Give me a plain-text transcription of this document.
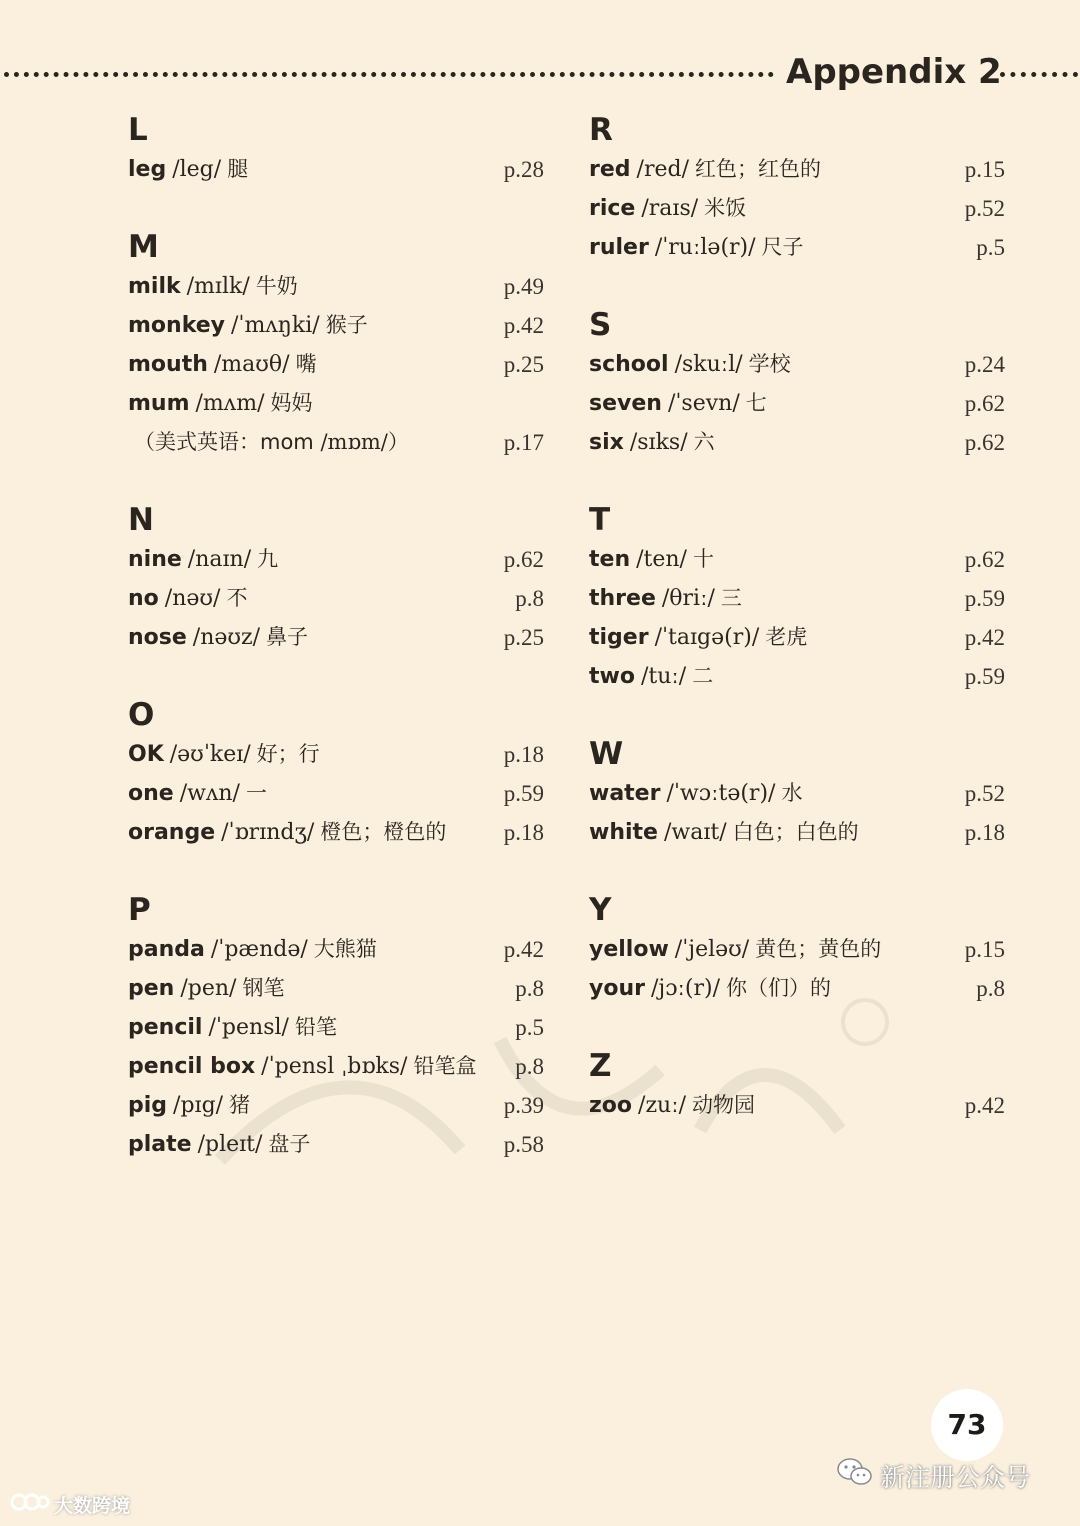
Appendix 2
L
leg /leg/ 腿	p.28
M
milk /mɪlk/ 牛奶	p.49
monkey /ˈmʌŋki/ 猴子	p.42
mouth /maʊθ/ 嘴	p.25
mum /mʌm/ 妈妈
（美式英语：mom /mɒm/）	p.17
N
nine /naɪn/ 九	p.62
no /nəʊ/ 不	p.8
nose /nəʊz/ 鼻子	p.25
O
OK /əʊˈkeɪ/ 好；行	p.18
one /wʌn/ 一	p.59
orange /ˈɒrɪndʒ/ 橙色；橙色的 p.18
P
panda /ˈpændə/ 大熊猫	p.42
pen /pen/ 钢笔	p.8
pencil /ˈpensl/ 铅笔	p.5
pencil box /ˈpensl ˌbɒks/ 铅笔盒 p.8
pig /pɪg/ 猪	p.39
plate /pleɪt/ 盘子	p.58
R
red /red/ 红色；红色的	p.15
rice /raɪs/ 米饭	p.52
ruler /ˈruːlə(r)/ 尺子	p.5
S
school /skuːl/ 学校	p.24
seven /ˈsevn/ 七	p.62
six /sɪks/ 六	p.62
T
ten /ten/ 十	p.62
three /θriː/ 三	p.59
tiger /ˈtaɪgə(r)/ 老虎	p.42
two /tuː/ 二	p.59
W
water /ˈwɔːtə(r)/ 水	p.52
white /waɪt/ 白色；白色的	p.18
Y
yellow /ˈjeləʊ/ 黄色；黄色的	p.15
your /jɔː(r)/ 你（们）的	p.8
Z
zoo /zuː/ 动物园	p.42
73
新注册公众号
大数跨境
